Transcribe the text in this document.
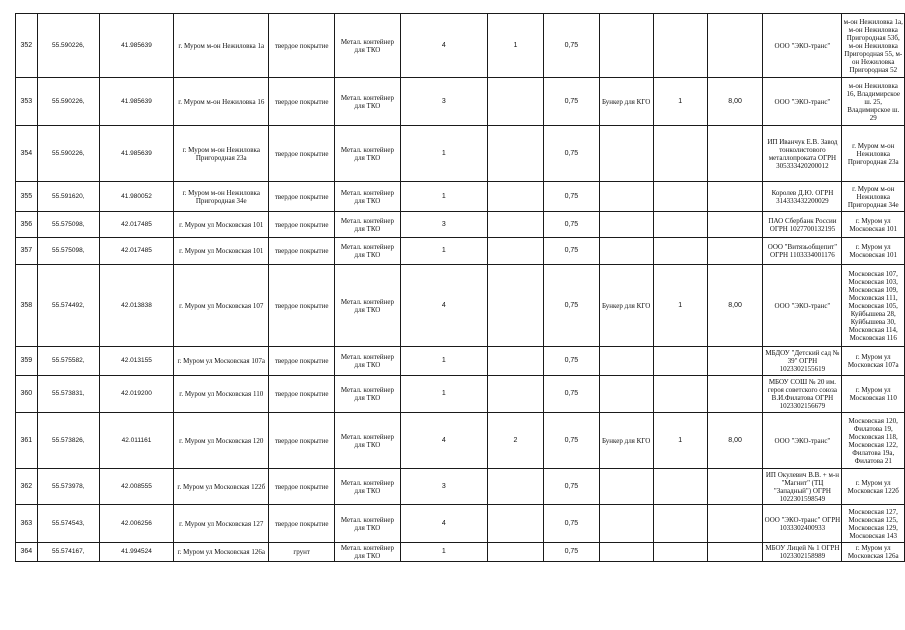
352	55.590226,	41.985639	г. Муром м-он Нежиловка 1а	твердое покрытие	Метал. контейнер для ТКО	4	1	0,75				ООО "ЭКО-транс"	м-он Нежиловка 1а, м-он Нежиловка Пригородная 53б, м-он Нежиловка Пригородная 55, м-он Нежиловка Пригородная 52
353	55.590226,	41.985639	г. Муром м-он Нежиловка 16	твердое покрытие	Метал. контейнер для ТКО	3		0,75	Бункер для КГО	1	8,00	ООО "ЭКО-транс"	м-он Нежиловка 16, Владимирское ш. 25, Владимирское ш. 29
354	55.590226,	41.985639	г. Муром м-он Нежиловка Пригородная 23а	твердое покрытие	Метал. контейнер для ТКО	1		0,75				ИП Иванчук Е.В. Завод тонколистового металлопроката ОГРН 305333420200012	г. Муром м-он Нежиловка Пригородная 23а
355	55.591620,	41.980052	г. Муром м-он Нежиловка Пригородная 34е	твердое покрытие	Метал. контейнер для ТКО	1		0,75				Королев Д.Ю. ОГРН 314333432200029	г. Муром м-он Нежиловка Пригородная 34е
356	55.575098,	42.017485	г. Муром ул Московская 101	твердое покрытие	Метал. контейнер для ТКО	3		0,75				ПАО Сбербанк России ОГРН 1027700132195	г. Муром ул Московская 101
357	55.575098,	42.017485	г. Муром ул Московская 101	твердое покрытие	Метал. контейнер для ТКО	1		0,75				ООО "Витязьобщепит" ОГРН 1103334001176	г. Муром ул Московская 101
358	55.574492,	42.013838	г. Муром ул Московская 107	твердое покрытие	Метал. контейнер для ТКО	4		0,75	Бункер для КГО	1	8,00	ООО "ЭКО-транс"	Московская 107, Московская 103, Московская 109, Московская 111, Московская 105, Куйбышева 28, Куйбышева 30, Московская 114, Московская 116
359	55.575582,	42.013155	г. Муром ул Московская 107а	твердое покрытие	Метал. контейнер для ТКО	1		0,75				МБДОУ "Детский сад № 39" ОГРН 1023302155619	г. Муром ул Московская 107а
360	55.573831,	42.019200	г. Муром ул Московская 110	твердое покрытие	Метал. контейнер для ТКО	1		0,75				МБОУ СОШ № 20 им. героя советского союза В.И.Филатова ОГРН 1023302156679	г. Муром ул Московская 110
361	55.573826,	42.011161	г. Муром ул Московская 120	твердое покрытие	Метал. контейнер для ТКО	4	2	0,75	Бункер для КГО	1	8,00	ООО "ЭКО-транс"	Московская 120, Филатова 19, Московская 118, Московская 122, Филатова 19а, Филатова 21
362	55.573978,	42.008555	г. Муром ул Московская 122б	твердое покрытие	Метал. контейнер для ТКО	3		0,75				ИП Окулевич В.В. + м-н "Магнит" (ТЦ "Западный") ОГРН 1022301598549	г. Муром ул Московская 122б
363	55.574543,	42.006256	г. Муром ул Московская 127	твердое покрытие	Метал. контейнер для ТКО	4		0,75				ООО "ЭКО-транс" ОГРН 1033302400933	Московская 127, Московская 125, Московская 129, Московская 143
364	55.574167,	41.994524	г. Муром ул Московская 126а	грунт	Метал. контейнер для ТКО	1		0,75				МБОУ Лицей № 1 ОГРН 1023302158989	г. Муром ул Московская 126а
